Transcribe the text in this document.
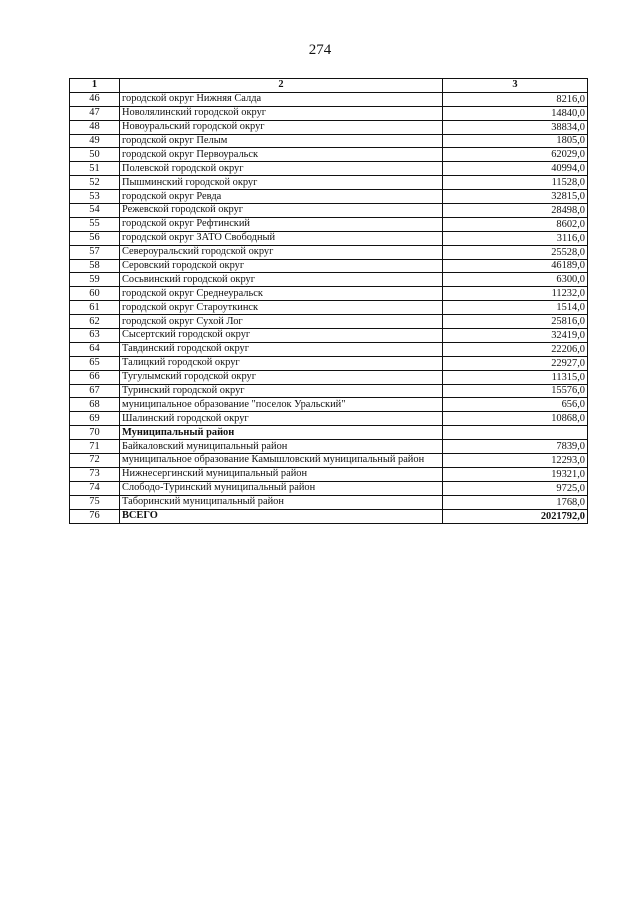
274
1	2	3
46	городской округ Нижняя Салда	8216,0
47	Новолялинский городской округ	14840,0
48	Новоуральский городской округ	38834,0
49	городской округ Пелым	1805,0
50	городской округ Первоуральск	62029,0
51	Полевской городской округ	40994,0
52	Пышминский городской округ	11528,0
53	городской округ Ревда	32815,0
54	Режевской городской округ	28498,0
55	городской округ Рефтинский	8602,0
56	городской округ ЗАТО Свободный	3116,0
57	Североуральский городской округ	25528,0
58	Серовский городской округ	46189,0
59	Сосьвинский городской округ	6300,0
60	городской округ Среднеуральск	11232,0
61	городской округ Староуткинск	1514,0
62	городской округ Сухой Лог	25816,0
63	Сысертский городской округ	32419,0
64	Тавдинский городской округ	22206,0
65	Талицкий городской округ	22927,0
66	Тугулымский городской округ	11315,0
67	Туринский городской округ	15576,0
68	муниципальное образование "поселок Уральский"	656,0
69	Шалинский городской округ	10868,0
70	Муниципальный район	
71	Байкаловский муниципальный район	7839,0
72	муниципальное образование Камышловский муниципальный район	12293,0
73	Нижнесергинский муниципальный район	19321,0
74	Слободо-Туринский муниципальный район	9725,0
75	Таборинский муниципальный район	1768,0
76	ВСЕГО	2021792,0
